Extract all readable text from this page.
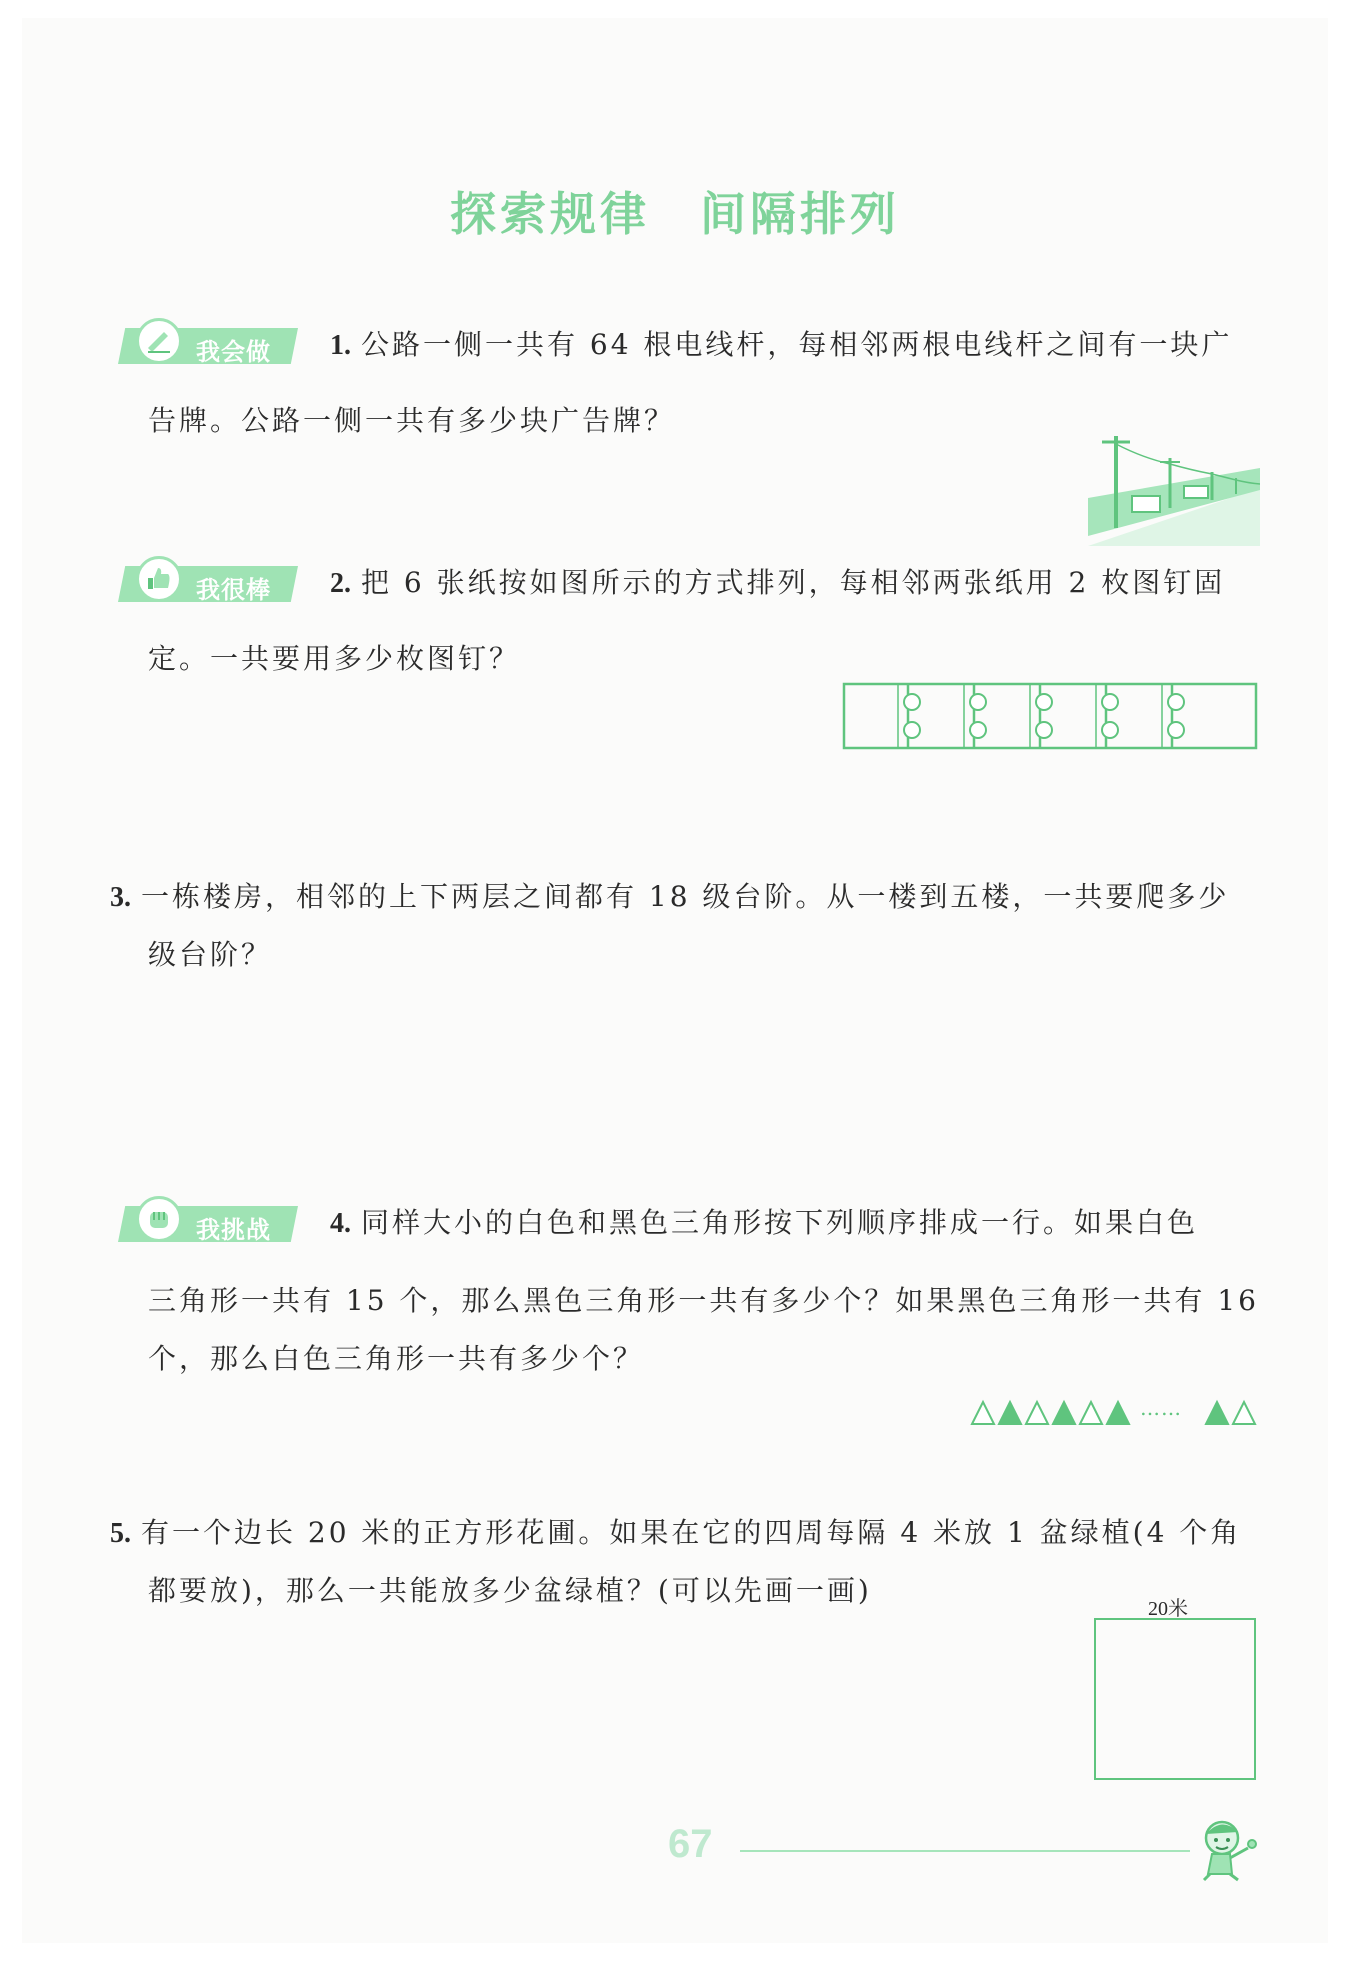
探索规律　间隔排列
我会做 1. 公路一侧一共有 64 根电线杆，每相邻两根电线杆之间有一块广
告牌。公路一侧一共有多少块广告牌？
我很棒 2. 把 6 张纸按如图所示的方式排列，每相邻两张纸用 2 枚图钉固
定。一共要用多少枚图钉？
3. 一栋楼房，相邻的上下两层之间都有 18 级台阶。从一楼到五楼，一共要爬多少
级台阶？
我挑战 4. 同样大小的白色和黑色三角形按下列顺序排成一行。如果白色
三角形一共有 15 个，那么黑色三角形一共有多少个？如果黑色三角形一共有 16
个，那么白色三角形一共有多少个？
……
5. 有一个边长 20 米的正方形花圃。如果在它的四周每隔 4 米放 1 盆绿植(4 个角
都要放)，那么一共能放多少盆绿植？(可以先画一画)
20米
67
